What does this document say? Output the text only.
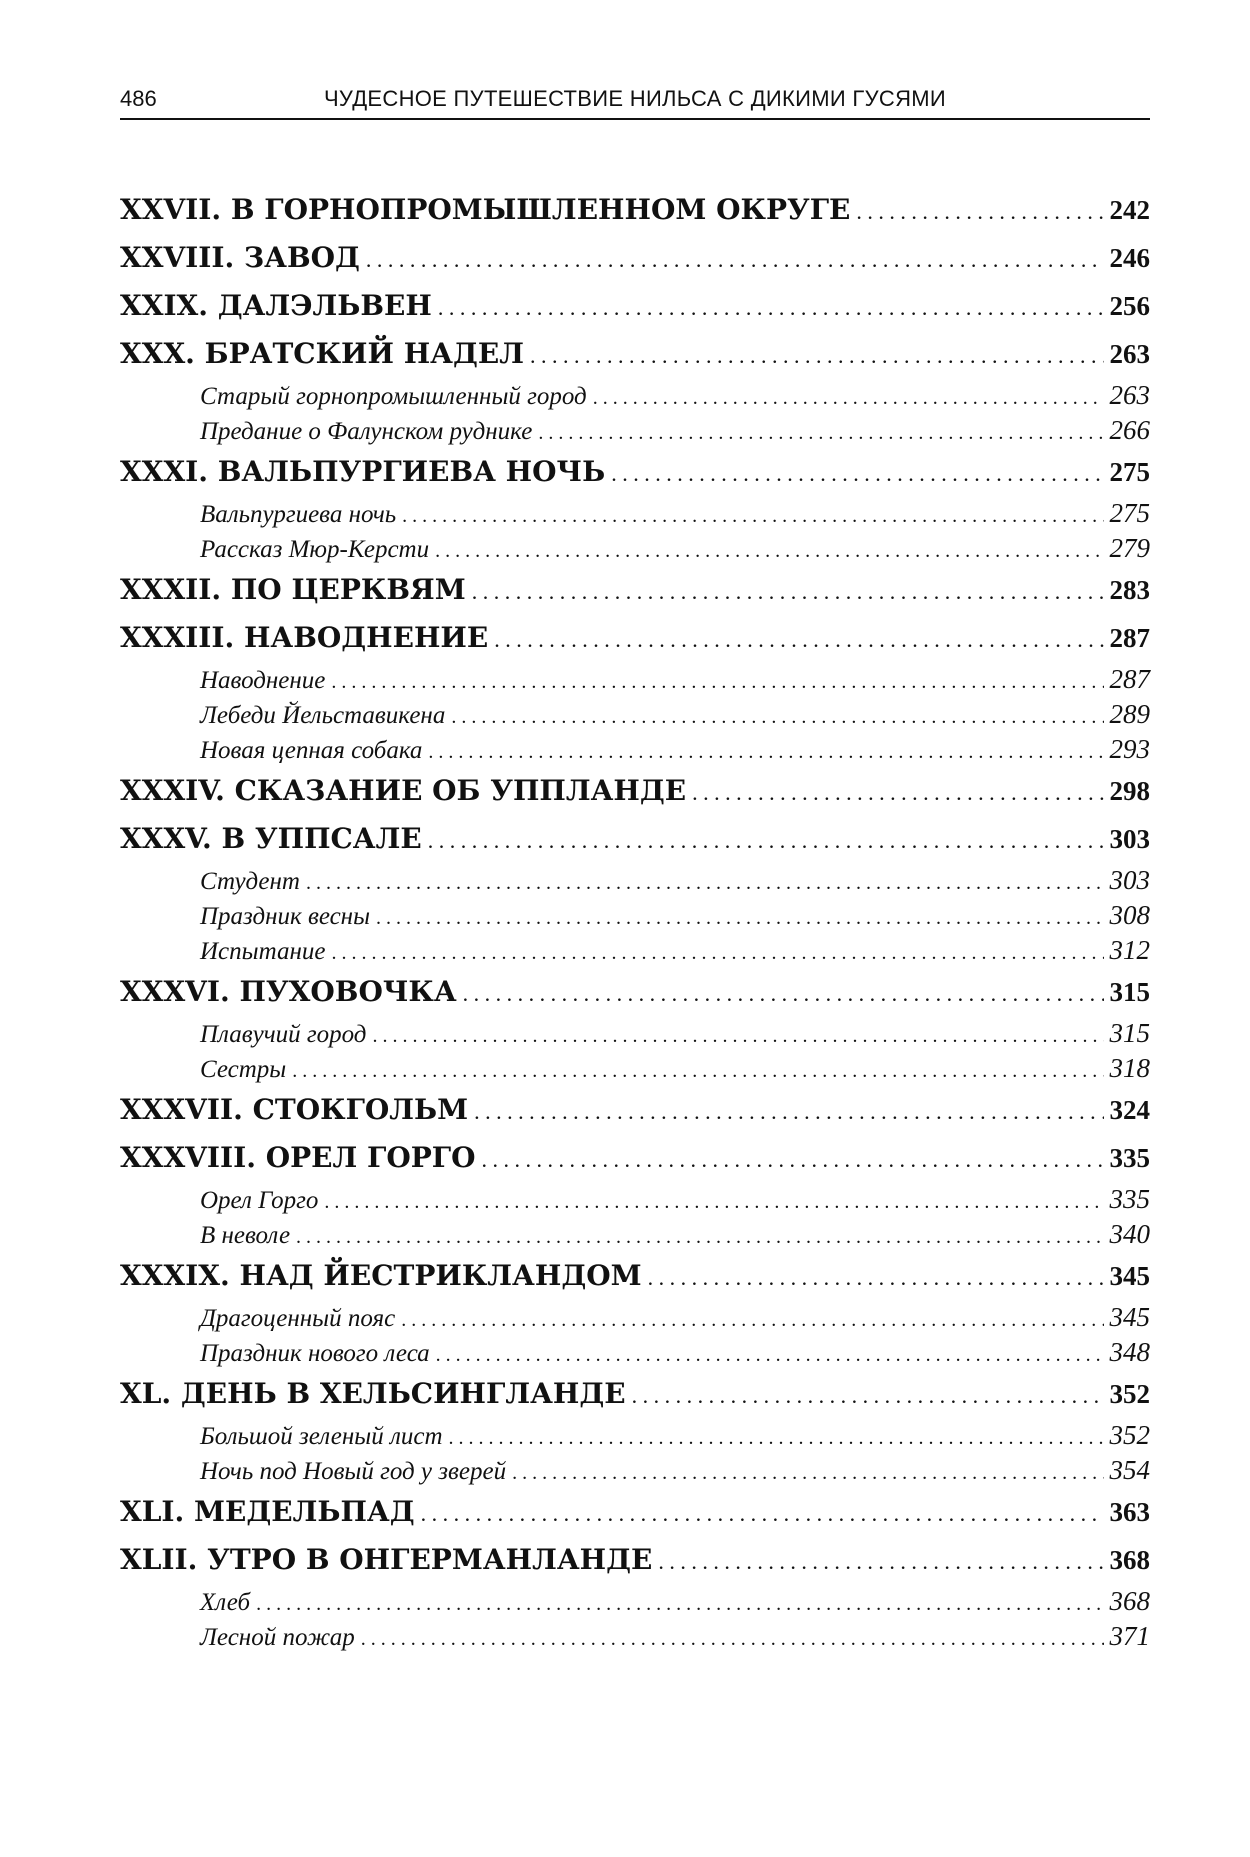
486	ЧУДЕСНОЕ ПУТЕШЕСТВИЕ НИЛЬСА С ДИКИМИ ГУСЯМИ
XXVII. В ГОРНОПРОМЫШЛЕННОМ ОКРУГЕ . . .	242
XXVIII. ЗАВОД . . .	246
XXIX. ДАЛЭЛЬВЕН . . .	256
XXX. БРАТСКИЙ НАДЕЛ . . .	263
Старый горнопромышленный город . . .	263
Предание о Фалунском руднике . . .	266
XXXI. ВАЛЬПУРГИЕВА НОЧЬ . . .	275
Вальпургиева ночь . . .	275
Рассказ Мюр-Керсти . . .	279
XXXII. ПО ЦЕРКВЯМ . . .	283
XXXIII. НАВОДНЕНИЕ . . .	287
Наводнение . . .	287
Лебеди Йельставикена . . .	289
Новая цепная собака . . .	293
XXXIV. СКАЗАНИЕ ОБ УППЛАНДЕ . . .	298
XXXV. В УППСАЛЕ . . .	303
Студент . . .	303
Праздник весны . . .	308
Испытание . . .	312
XXXVI. ПУХОВОЧКА . . .	315
Плавучий город . . .	315
Сестры . . .	318
XXXVII. СТОКГОЛЬМ . . .	324
XXXVIII. ОРЕЛ ГОРГО . . .	335
Орел Горго . . .	335
В неволе . . .	340
XXXIX. НАД ЙЕСТРИКЛАНДОМ . . .	345
Драгоценный пояс . . .	345
Праздник нового леса . . .	348
XL. ДЕНЬ В ХЕЛЬСИНГЛАНДЕ . . .	352
Большой зеленый лист . . .	352
Ночь под Новый год у зверей . . .	354
XLI. МЕДЕЛЬПАД . . .	363
XLII. УТРО В ОНГЕРМАНЛАНДЕ . . .	368
Хлеб . . .	368
Лесной пожар . . .	371
